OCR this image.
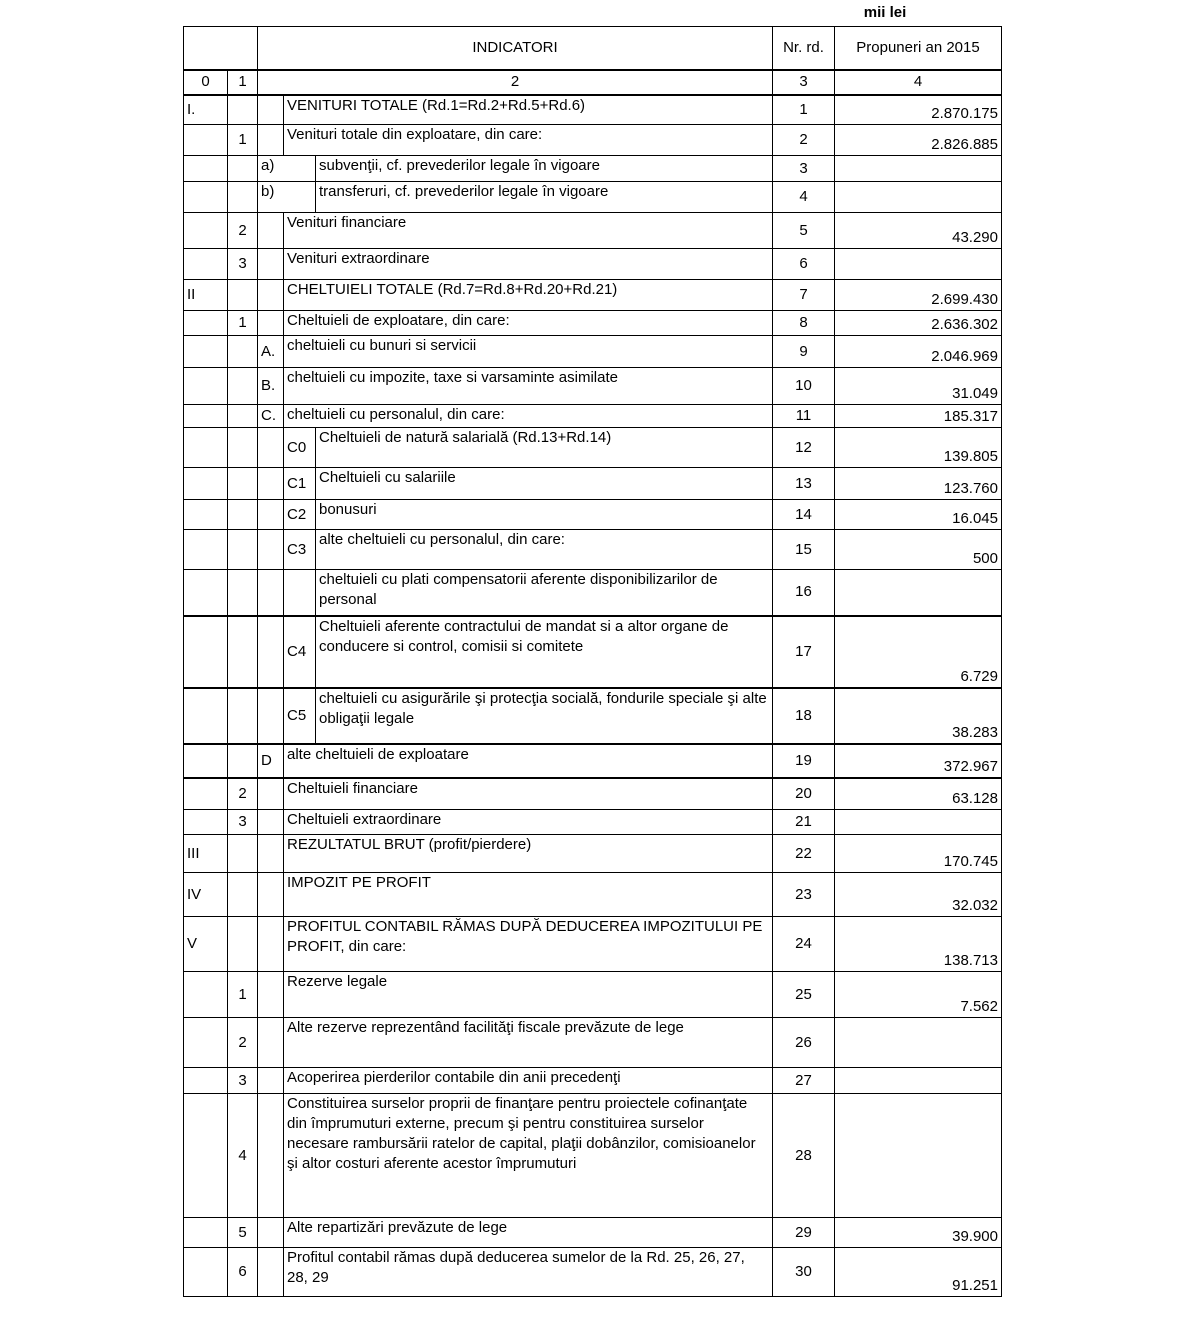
mii lei
		INDICATORI			Nr. rd.	Propuneri an 2015
0	1	2			3	4
I.			VENITURI TOTALE (Rd.1=Rd.2+Rd.5+Rd.6)		1	2.870.175
	1		Venituri totale din exploatare, din care:		2	2.826.885
		a)		subvenţii, cf. prevederilor legale în vigoare	3	
		b)		transferuri, cf. prevederilor legale în vigoare	4	
	2		Venituri financiare		5	43.290
	3		Venituri extraordinare		6	
II			CHELTUIELI TOTALE (Rd.7=Rd.8+Rd.20+Rd.21)		7	2.699.430
	1		Cheltuieli de exploatare, din care:		8	2.636.302
		A.	cheltuieli cu bunuri si servicii		9	2.046.969
		B.	cheltuieli cu impozite, taxe si varsaminte asimilate		10	31.049
		C.	cheltuieli cu personalul, din care:		11	185.317
			C0	Cheltuieli de natură salarială (Rd.13+Rd.14)	12	139.805
			C1	Cheltuieli cu salariile	13	123.760
			C2	bonusuri	14	16.045
			C3	alte cheltuieli cu personalul, din care:	15	500
				cheltuieli cu plati compensatorii aferente disponibilizarilor de personal	16	
			C4	Cheltuieli aferente contractului de mandat si a altor organe de conducere si control, comisii si comitete	17	6.729
			C5	cheltuieli cu asigurările şi protecţia socială, fondurile speciale şi alte obligaţii legale	18	38.283
		D	alte cheltuieli de exploatare		19	372.967
	2		Cheltuieli financiare		20	63.128
	3		Cheltuieli extraordinare		21	
III			REZULTATUL BRUT (profit/pierdere)		22	170.745
IV			IMPOZIT PE PROFIT		23	32.032
V			PROFITUL CONTABIL RĂMAS DUPĂ DEDUCEREA IMPOZITULUI PE PROFIT, din care:		24	138.713
	1		Rezerve legale		25	7.562
	2		Alte rezerve reprezentând facilităţi fiscale prevăzute de lege		26	
	3		Acoperirea pierderilor contabile din anii precedenţi		27	
	4		Constituirea surselor proprii de finanţare pentru proiectele cofinanţate din împrumuturi externe, precum şi pentru constituirea surselor necesare rambursării ratelor de capital, plaţii dobânzilor, comisioanelor şi altor costuri aferente acestor împrumuturi		28	
	5		Alte repartizări prevăzute de lege		29	39.900
	6		Profitul contabil rămas după deducerea sumelor de la Rd. 25, 26, 27, 28, 29		30	91.251
